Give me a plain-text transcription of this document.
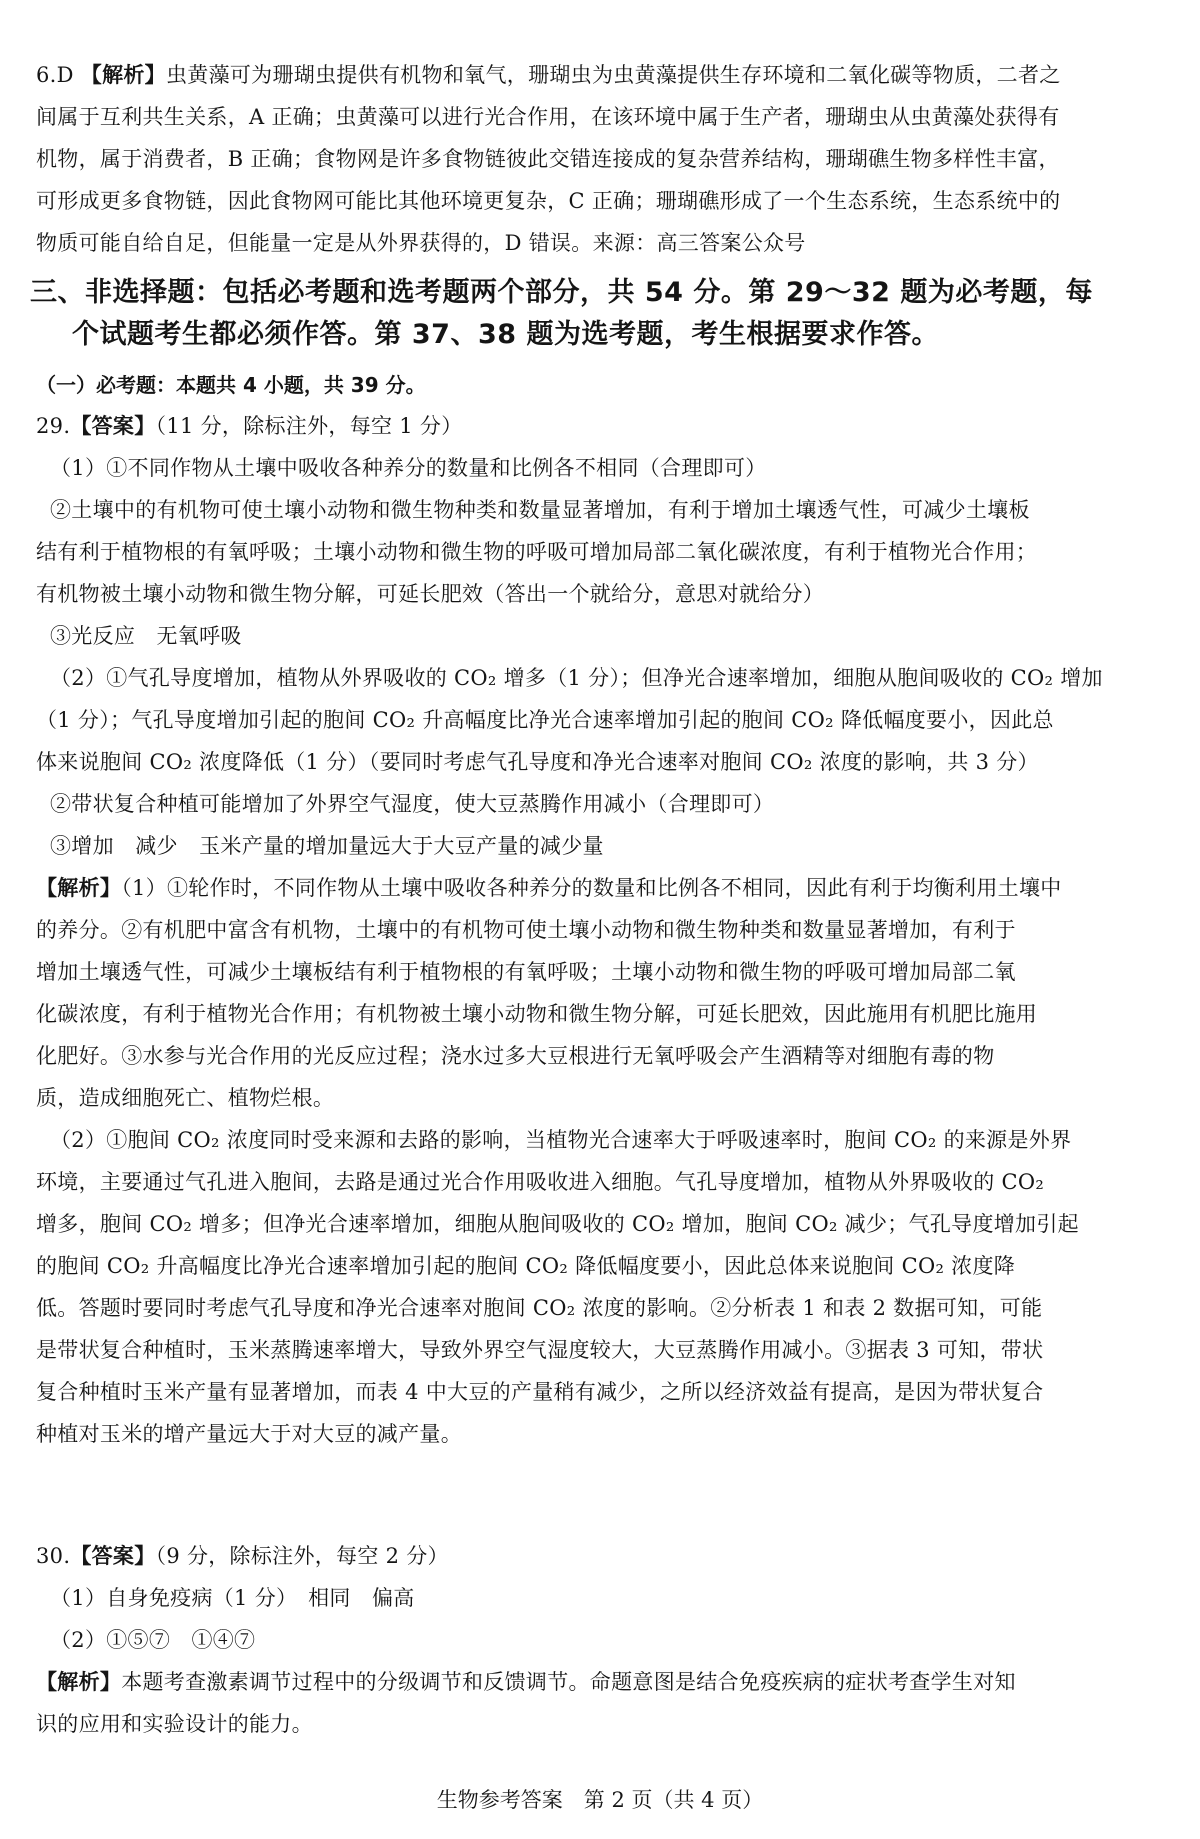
6.D 【解析】虫黄藻可为珊瑚虫提供有机物和氧气，珊瑚虫为虫黄藻提供生存环境和二氧化碳等物质，二者之
间属于互利共生关系，A 正确；虫黄藻可以进行光合作用，在该环境中属于生产者，珊瑚虫从虫黄藻处获得有
机物，属于消费者，B 正确；食物网是许多食物链彼此交错连接成的复杂营养结构，珊瑚礁生物多样性丰富，
可形成更多食物链，因此食物网可能比其他环境更复杂，C 正确；珊瑚礁形成了一个生态系统，生态系统中的
物质可能自给自足，但能量一定是从外界获得的，D 错误。来源：高三答案公众号
三、非选择题：包括必考题和选考题两个部分，共 54 分。第 29～32 题为必考题，每
个试题考生都必须作答。第 37、38 题为选考题，考生根据要求作答。
（一）必考题：本题共 4 小题，共 39 分。
29.【答案】（11 分，除标注外，每空 1 分）
（1）①不同作物从土壤中吸收各种养分的数量和比例各不相同（合理即可）
②土壤中的有机物可使土壤小动物和微生物种类和数量显著增加，有利于增加土壤透气性，可减少土壤板
结有利于植物根的有氧呼吸；土壤小动物和微生物的呼吸可增加局部二氧化碳浓度，有利于植物光合作用；
有机物被土壤小动物和微生物分解，可延长肥效（答出一个就给分，意思对就给分）
③光反应　无氧呼吸
（2）①气孔导度增加，植物从外界吸收的 CO₂ 增多（1 分）；但净光合速率增加，细胞从胞间吸收的 CO₂ 增加
（1 分）；气孔导度增加引起的胞间 CO₂ 升高幅度比净光合速率增加引起的胞间 CO₂ 降低幅度要小，因此总
体来说胞间 CO₂ 浓度降低（1 分）（要同时考虑气孔导度和净光合速率对胞间 CO₂ 浓度的影响，共 3 分）
②带状复合种植可能增加了外界空气湿度，使大豆蒸腾作用减小（合理即可）
③增加　减少　玉米产量的增加量远大于大豆产量的减少量
【解析】（1）①轮作时，不同作物从土壤中吸收各种养分的数量和比例各不相同，因此有利于均衡利用土壤中
的养分。②有机肥中富含有机物，土壤中的有机物可使土壤小动物和微生物种类和数量显著增加，有利于
增加土壤透气性，可减少土壤板结有利于植物根的有氧呼吸；土壤小动物和微生物的呼吸可增加局部二氧
化碳浓度，有利于植物光合作用；有机物被土壤小动物和微生物分解，可延长肥效，因此施用有机肥比施用
化肥好。③水参与光合作用的光反应过程；浇水过多大豆根进行无氧呼吸会产生酒精等对细胞有毒的物
质，造成细胞死亡、植物烂根。
（2）①胞间 CO₂ 浓度同时受来源和去路的影响，当植物光合速率大于呼吸速率时，胞间 CO₂ 的来源是外界
环境，主要通过气孔进入胞间，去路是通过光合作用吸收进入细胞。气孔导度增加，植物从外界吸收的 CO₂
增多，胞间 CO₂ 增多；但净光合速率增加，细胞从胞间吸收的 CO₂ 增加，胞间 CO₂ 减少；气孔导度增加引起
的胞间 CO₂ 升高幅度比净光合速率增加引起的胞间 CO₂ 降低幅度要小，因此总体来说胞间 CO₂ 浓度降
低。答题时要同时考虑气孔导度和净光合速率对胞间 CO₂ 浓度的影响。②分析表 1 和表 2 数据可知，可能
是带状复合种植时，玉米蒸腾速率增大，导致外界空气湿度较大，大豆蒸腾作用减小。③据表 3 可知，带状
复合种植时玉米产量有显著增加，而表 4 中大豆的产量稍有减少，之所以经济效益有提高，是因为带状复合
种植对玉米的增产量远大于对大豆的减产量。
30.【答案】（9 分，除标注外，每空 2 分）
（1）自身免疫病（1 分）　相同　偏高
（2）①⑤⑦　①④⑦
【解析】本题考查激素调节过程中的分级调节和反馈调节。命题意图是结合免疫疾病的症状考查学生对知
识的应用和实验设计的能力。
生物参考答案　第 2 页（共 4 页）
